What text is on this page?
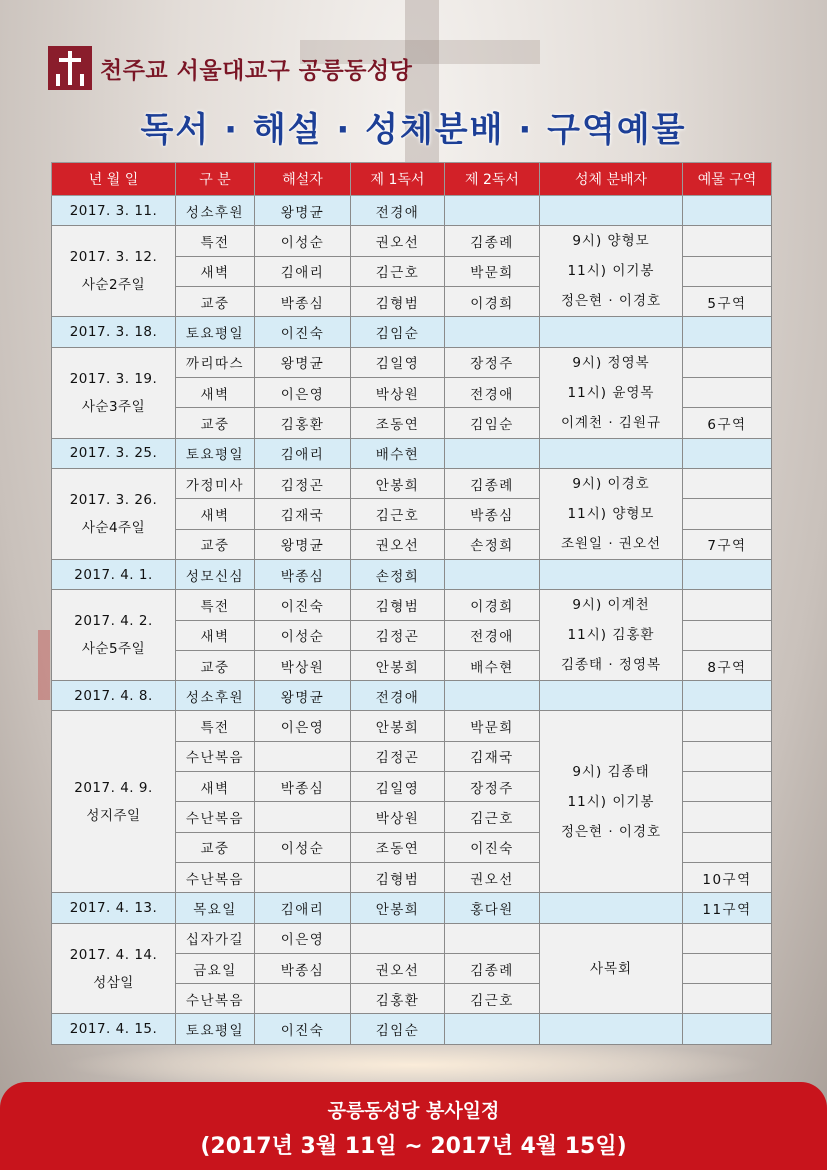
천주교 서울대교구 공릉동성당
독서 · 해설 · 성체분배 · 구역예물
년 월 일	구 분	해설자	제 1독서	제 2독서	성체 분배자	예물 구역

2017. 3. 11.	성소후원	왕명균	전경애			

2017. 3. 12.
사순2주일	특전	이성순	권오선	김종례	9시) 양형모
11시) 이기봉
정은현 · 이경호	

	새벽	김애리	김근호	박문희		
	교중	박종심	김형범	이경희		5구역

2017. 3. 18.	토요평일	이진숙	김임순			

2017. 3. 19.
사순3주일	까리따스	왕명균	김일영	장정주	9시) 정영복
11시) 윤영목
이계천 · 김원규	

	새벽	이은영	박상원	전경애		
	교중	김홍환	조동연	김임순		6구역

2017. 3. 25.	토요평일	김애리	배수현			

2017. 3. 26.
사순4주일	가정미사	김정곤	안봉희	김종례	9시) 이경호
11시) 양형모
조원일 · 권오선	

	새벽	김재국	김근호	박종심		
	교중	왕명균	권오선	손정희		7구역

2017. 4. 1.	성모신심	박종심	손정희			

2017. 4. 2.
사순5주일	특전	이진숙	김형범	이경희	9시) 이계천
11시) 김홍환
김종태 · 정영복	

	새벽	이성순	김정곤	전경애		
	교중	박상원	안봉희	배수현		8구역

2017. 4. 8.	성소후원	왕명균	전경애			

2017. 4. 9.
성지주일	특전	이은영	안봉희	박문희	9시) 김종태
11시) 이기봉
정은현 · 이경호	

	수난복음		김정곤	김재국		
	새벽	박종심	김일영	장정주		
	수난복음		박상원	김근호		
	교중	이성순	조동연	이진숙		
	수난복음		김형범	권오선		10구역

2017. 4. 13.	목요일	김애리	안봉희	홍다원		11구역

2017. 4. 14.
성삼일	십자가길	이은영			사목회	

	금요일	박종심	권오선	김종례		
	수난복음		김홍환	김근호		

2017. 4. 15.	토요평일	이진숙	김임순			
공릉동성당 봉사일정
(2017년 3월 11일 ~ 2017년 4월 15일)
